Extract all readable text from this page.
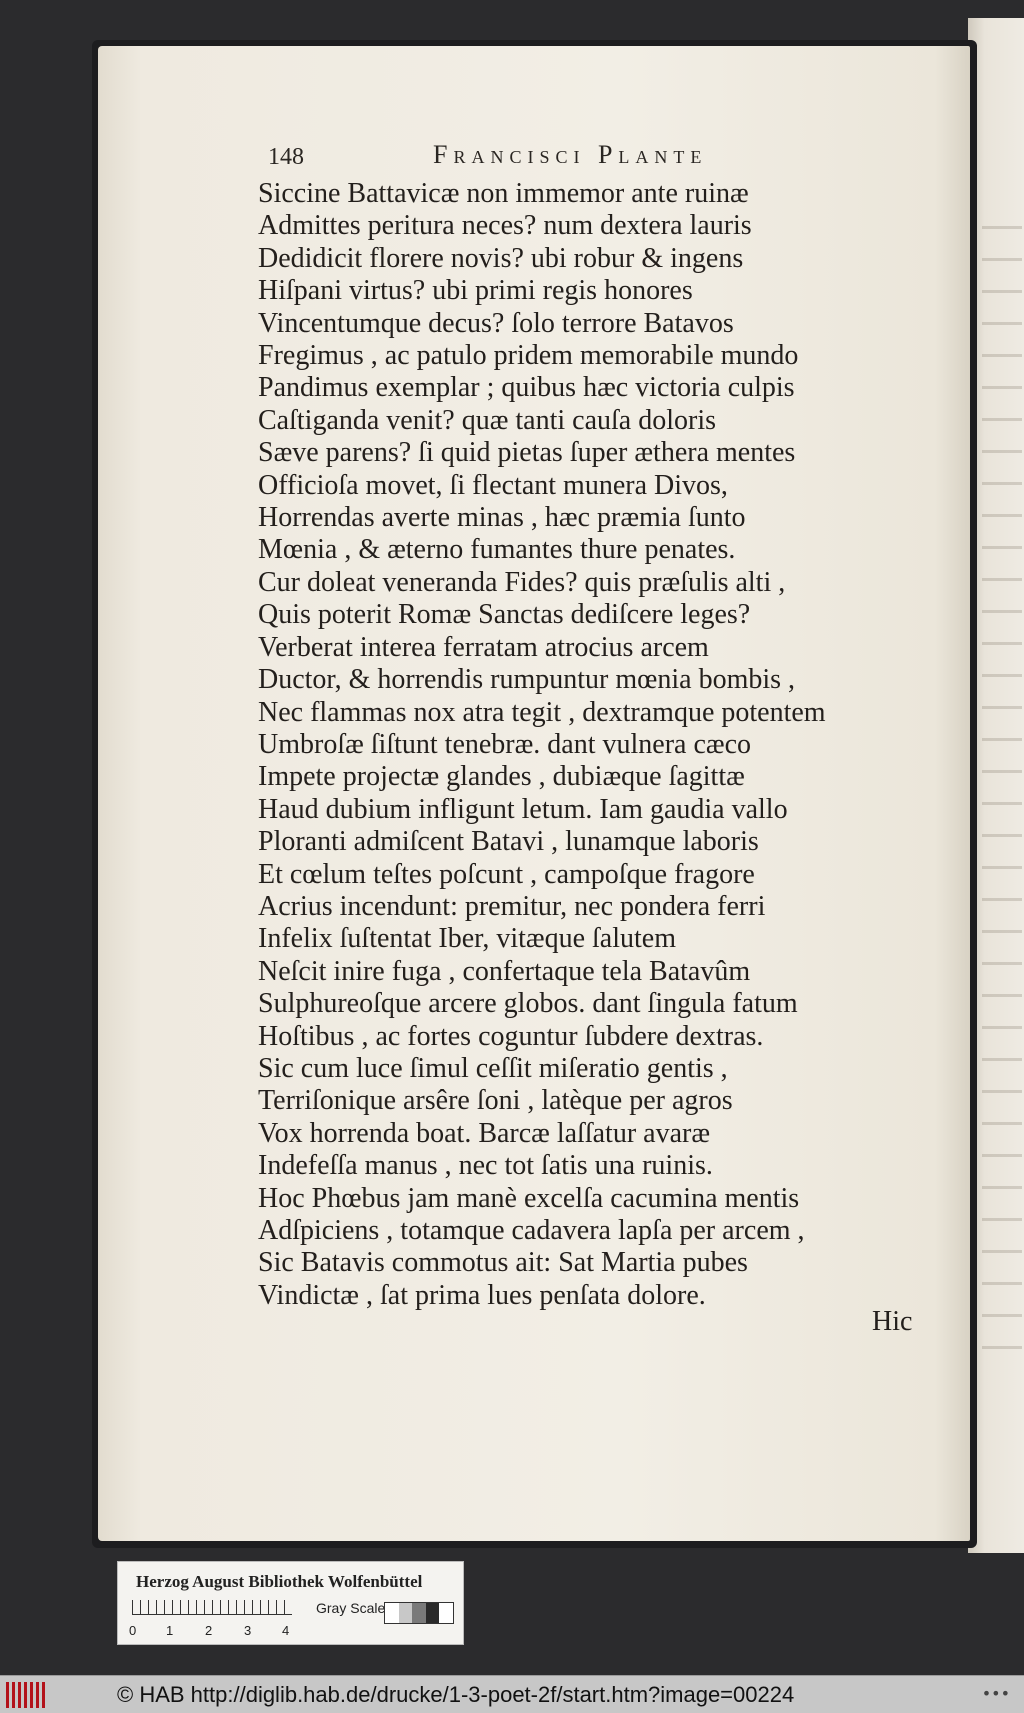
148	Francisci Plante
Siccine Battavicæ non immemor ante ruinæ
Admittes peritura neces? num dextera lauris
Dedidicit florere novis? ubi robur & ingens
Hiſpani virtus? ubi primi regis honores
Vincentumque decus? ſolo terrore Batavos
Fregimus , ac patulo pridem memorabile mundo
Pandimus exemplar ; quibus hæc victoria culpis
Caſtiganda venit? quæ tanti cauſa doloris
Sæve parens? ſi quid pietas ſuper æthera mentes
Officioſa movet, ſi flectant munera Divos,
Horrendas averte minas , hæc præmia ſunto
Mœnia , & æterno fumantes thure penates.
Cur doleat veneranda Fides? quis præſulis alti ,
Quis poterit Romæ Sanctas dediſcere leges?
Verberat interea ferratam atrocius arcem
Ductor, & horrendis rumpuntur mœnia bombis ,
Nec flammas nox atra tegit , dextramque potentem
Umbroſæ ſiſtunt tenebræ. dant vulnera cæco
Impete projectæ glandes , dubiæque ſagittæ
Haud dubium infligunt letum. Iam gaudia vallo
Ploranti admiſcent Batavi , lunamque laboris
Et cœlum teſtes poſcunt , campoſque fragore
Acrius incendunt: premitur, nec pondera ferri
Infelix ſuſtentat Iber, vitæque ſalutem
Neſcit inire fuga , confertaque tela Batavûm
Sulphureoſque arcere globos. dant ſingula fatum
Hoſtibus , ac fortes coguntur ſubdere dextras.
Sic cum luce ſimul ceſſit miſeratio gentis ,
Terriſonique arsêre ſoni , latèque per agros
Vox horrenda boat. Barcæ laſſatur avaræ
Indefeſſa manus , nec tot ſatis una ruinis.
Hoc Phœbus jam manè excelſa cacumina mentis
Adſpiciens , totamque cadavera lapſa per arcem ,
Sic Batavis commotus ait: Sat Martia pubes
Vindictæ , ſat prima lues penſata dolore.
Hic
Herzog August Bibliothek Wolfenbüttel
0 1 2 3 4
Gray Scale
© HAB http://diglib.hab.de/drucke/1-3-poet-2f/start.htm?image=00224	•••
